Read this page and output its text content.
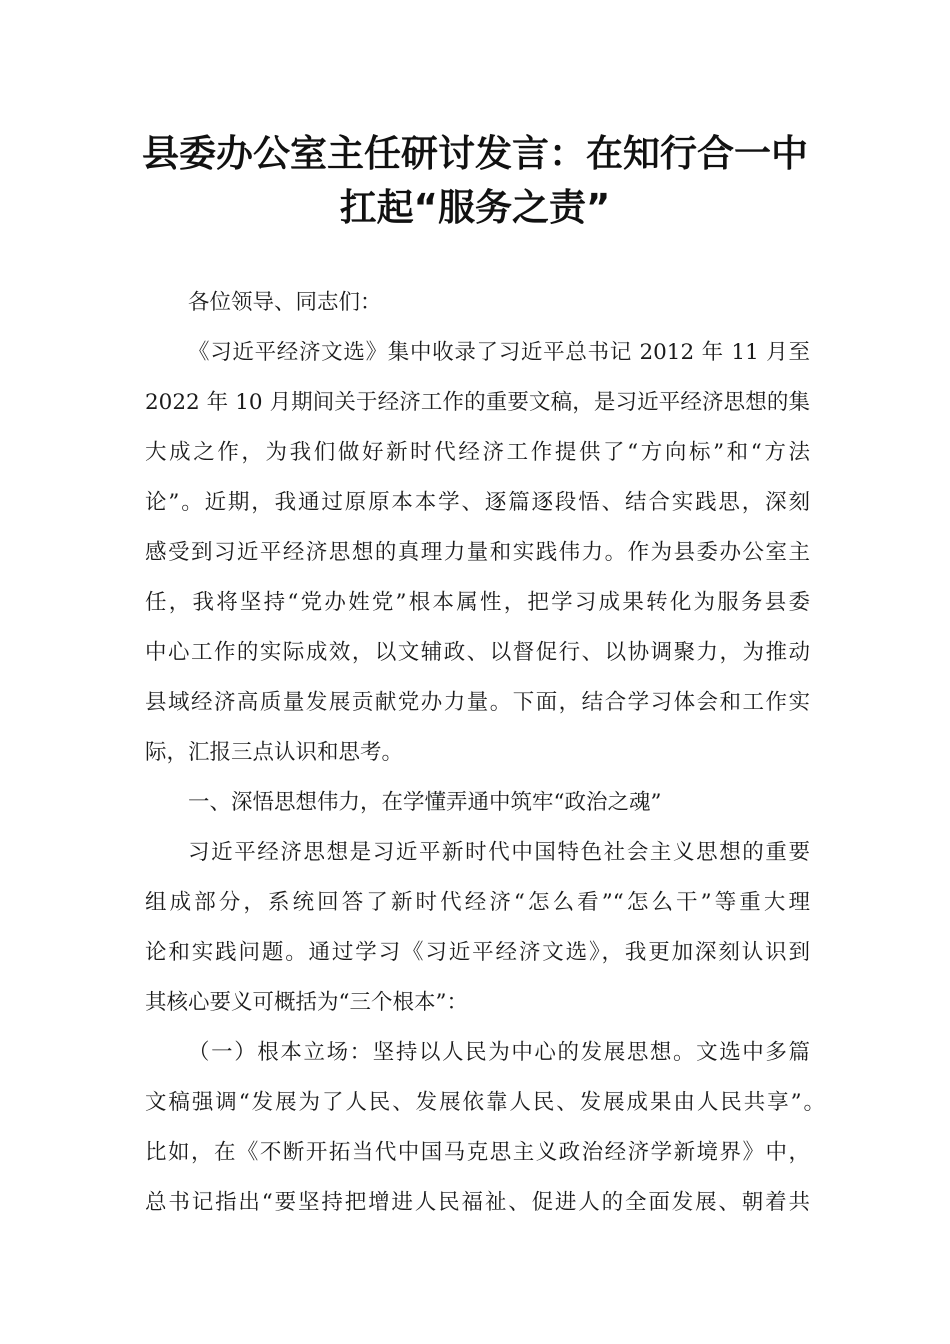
县委办公室主任研讨发言：在知行合一中
扛起“服务之责”
各位领导、同志们：
《习近平经济文选》集中收录了习近平总书记 2012 年 11 月至
2022 年 10 月期间关于经济工作的重要文稿，是习近平经济思想的集
大成之作，为我们做好新时代经济工作提供了“方向标”和“方法
论”。近期，我通过原原本本学、逐篇逐段悟、结合实践思，深刻
感受到习近平经济思想的真理力量和实践伟力。作为县委办公室主
任，我将坚持“党办姓党”根本属性，把学习成果转化为服务县委
中心工作的实际成效，以文辅政、以督促行、以协调聚力，为推动
县域经济高质量发展贡献党办力量。下面，结合学习体会和工作实
际，汇报三点认识和思考。
一、深悟思想伟力，在学懂弄通中筑牢“政治之魂”
习近平经济思想是习近平新时代中国特色社会主义思想的重要
组成部分，系统回答了新时代经济“怎么看”“怎么干”等重大理
论和实践问题。通过学习《习近平经济文选》，我更加深刻认识到
其核心要义可概括为“三个根本”：
（一）根本立场：坚持以人民为中心的发展思想。文选中多篇
文稿强调“发展为了人民、发展依靠人民、发展成果由人民共享”。
比如，在《不断开拓当代中国马克思主义政治经济学新境界》中，
总书记指出“要坚持把增进人民福祉、促进人的全面发展、朝着共
